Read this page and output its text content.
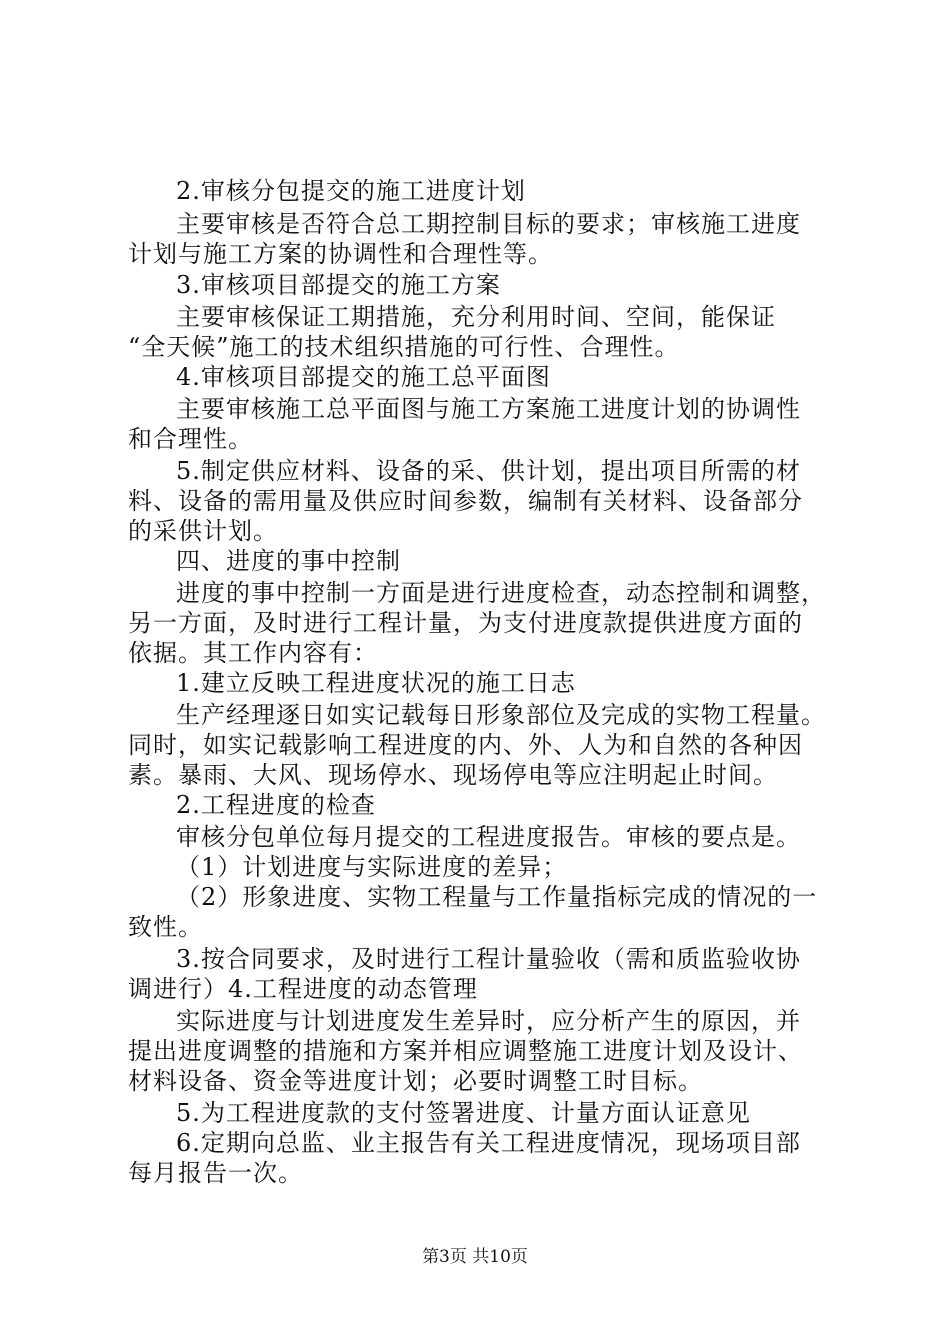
2.审核分包提交的施工进度计划
主要审核是否符合总工期控制目标的要求；审核施工进度
计划与施工方案的协调性和合理性等。
3.审核项目部提交的施工方案
主要审核保证工期措施，充分利用时间、空间，能保证
“全天候”施工的技术组织措施的可行性、合理性。
4.审核项目部提交的施工总平面图
主要审核施工总平面图与施工方案施工进度计划的协调性
和合理性。
5.制定供应材料、设备的采、供计划，提出项目所需的材
料、设备的需用量及供应时间参数，编制有关材料、设备部分
的采供计划。
四、进度的事中控制
进度的事中控制一方面是进行进度检查，动态控制和调整，
另一方面，及时进行工程计量，为支付进度款提供进度方面的
依据。其工作内容有：
1.建立反映工程进度状况的施工日志
生产经理逐日如实记载每日形象部位及完成的实物工程量。
同时，如实记载影响工程进度的内、外、人为和自然的各种因
素。暴雨、大风、现场停水、现场停电等应注明起止时间。
2.工程进度的检查
审核分包单位每月提交的工程进度报告。审核的要点是。
（1）计划进度与实际进度的差异；
（2）形象进度、实物工程量与工作量指标完成的情况的一
致性。
3.按合同要求，及时进行工程计量验收（需和质监验收协
调进行）4.工程进度的动态管理
实际进度与计划进度发生差异时，应分析产生的原因，并
提出进度调整的措施和方案并相应调整施工进度计划及设计、
材料设备、资金等进度计划；必要时调整工时目标。
5.为工程进度款的支付签署进度、计量方面认证意见
6.定期向总监、业主报告有关工程进度情况，现场项目部
每月报告一次。
第3页 共10页
